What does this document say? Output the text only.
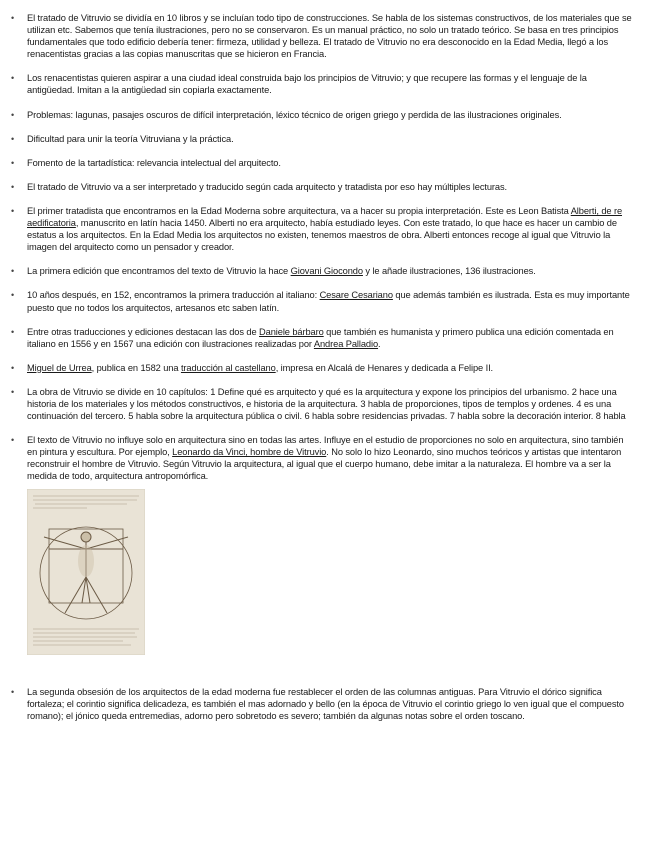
• El tratado de Vitruvio se dividía en 10 libros y se incluían todo tipo de construcciones. Se habla de los sistemas constructivos, de los materiales que se utilizan etc. Sabemos que tenía ilustraciones, pero no se conservaron. Es un manual práctico, no solo un tratado teórico. Se basa en tres principios fundamentales que todo edificio debería tener: firmeza, utilidad y belleza. El tratado de Vitruvio no era desconocido en la Edad Media, llegó a los renacentistas gracias a las copias manuscritas que se hicieron en Francia.
• Los renacentistas quieren aspirar a una ciudad ideal construida bajo los principios de Vitruvio; y que recupere las formas y el lenguaje de la antigüedad. Imitan a la antigüedad sin copiarla exactamente.
• Problemas: lagunas, pasajes oscuros de difícil interpretación, léxico técnico de origen griego y perdida de las ilustraciones originales.
• Dificultad para unir la teoría Vitruviana y la práctica.
• Fomento de la tartadística: relevancia intelectual del arquitecto.
• El tratado de Vitruvio va a ser interpretado y traducido según cada arquitecto y tratadista por eso hay múltiples lecturas.
• El primer tratadista que encontramos en la Edad Moderna sobre arquitectura, va a hacer su propia interpretación. Este es Leon Batista Alberti, de re aedificatoria, manuscrito en latín hacia 1450. Alberti no era arquitecto, había estudiado leyes. Con este tratado, lo que hace es hacer un cambio de estatus a los arquitectos. En la Edad Media los arquitectos no existen, tenemos maestros de obra. Alberti entonces recoge al igual que Vitruvio la imagen del arquitecto como un pensador y creador.
• La primera edición que encontramos del texto de Vitruvio la hace Giovani Giocondo y le añade ilustraciones, 136 ilustraciones.
• 10 años después, en 152, encontramos la primera traducción al italiano: Cesare Cesariano que además también es ilustrada. Esta es muy importante puesto que no todos los arquitectos, artesanos etc saben latín.
• Entre otras traducciones y ediciones destacan las dos de Daniele bárbaro que también es humanista y primero publica una edición comentada en italiano en 1556 y en 1567 una edición con ilustraciones realizadas por Andrea Palladio.
• Miguel de Urrea, publica en 1582 una traducción al castellano, impresa en Alcalá de Henares y dedicada a Felipe II.
• La obra de Vitruvio se divide en 10 capítulos: 1 Define qué es arquitecto y qué es la arquitectura y expone los principios del urbanismo. 2 hace una historia de los materiales y los métodos constructivos, e historia de la arquitectura. 3 habla de proporciones, tipos de templos y ordenes. 4 es una continuación del tercero. 5 habla sobre la arquitectura pública o civil. 6 habla sobre residencias privadas. 7 habla sobre la decoración interior. 8 habla
• El texto de Vitruvio no influye solo en arquitectura sino en todas las artes. Influye en el estudio de proporciones no solo en arquitectura, sino también en pintura y escultura. Por ejemplo, Leonardo da Vinci, hombre de Vitruvio. No solo lo hizo Leonardo, sino muchos teóricos y artistas que intentaron reconstruir el hombre de Vitruvio. Según Vitruvio la arquitectura, al igual que el cuerpo humano, debe imitar a la naturaleza. El hombre va a ser la medida de todo, arquitectura antropomórfica.
• La segunda obsesión de los arquitectos de la edad moderna fue restablecer el orden de las columnas antiguas. Para Vitruvio el dórico significa fortaleza; el corintio significa delicadeza, es también el mas adornado y bello (en la época de Vitruvio el corintio griego lo ven igual que el compuesto romano); el jónico queda entremedias, adorno pero sobretodo es severo; también da algunas notas sobre el orden toscano.
